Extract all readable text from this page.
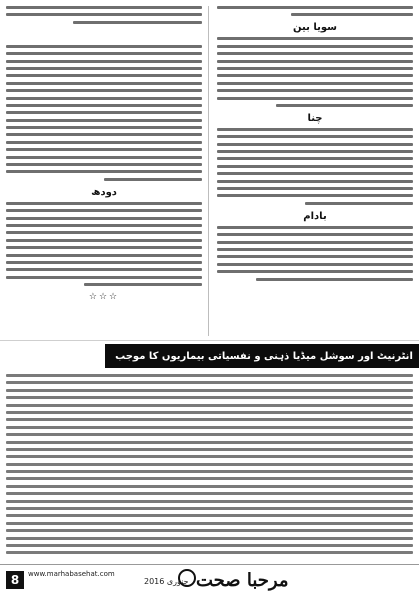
سویا بین
چنا
بادام

دودھ
☆☆☆
انٹرنیٹ اور سوشل میڈیا ذہنی و نفسیاتی بیماریوں کا موجب
8	www.marhabasehat.com
جنوری 2016	مرحبا صحت
